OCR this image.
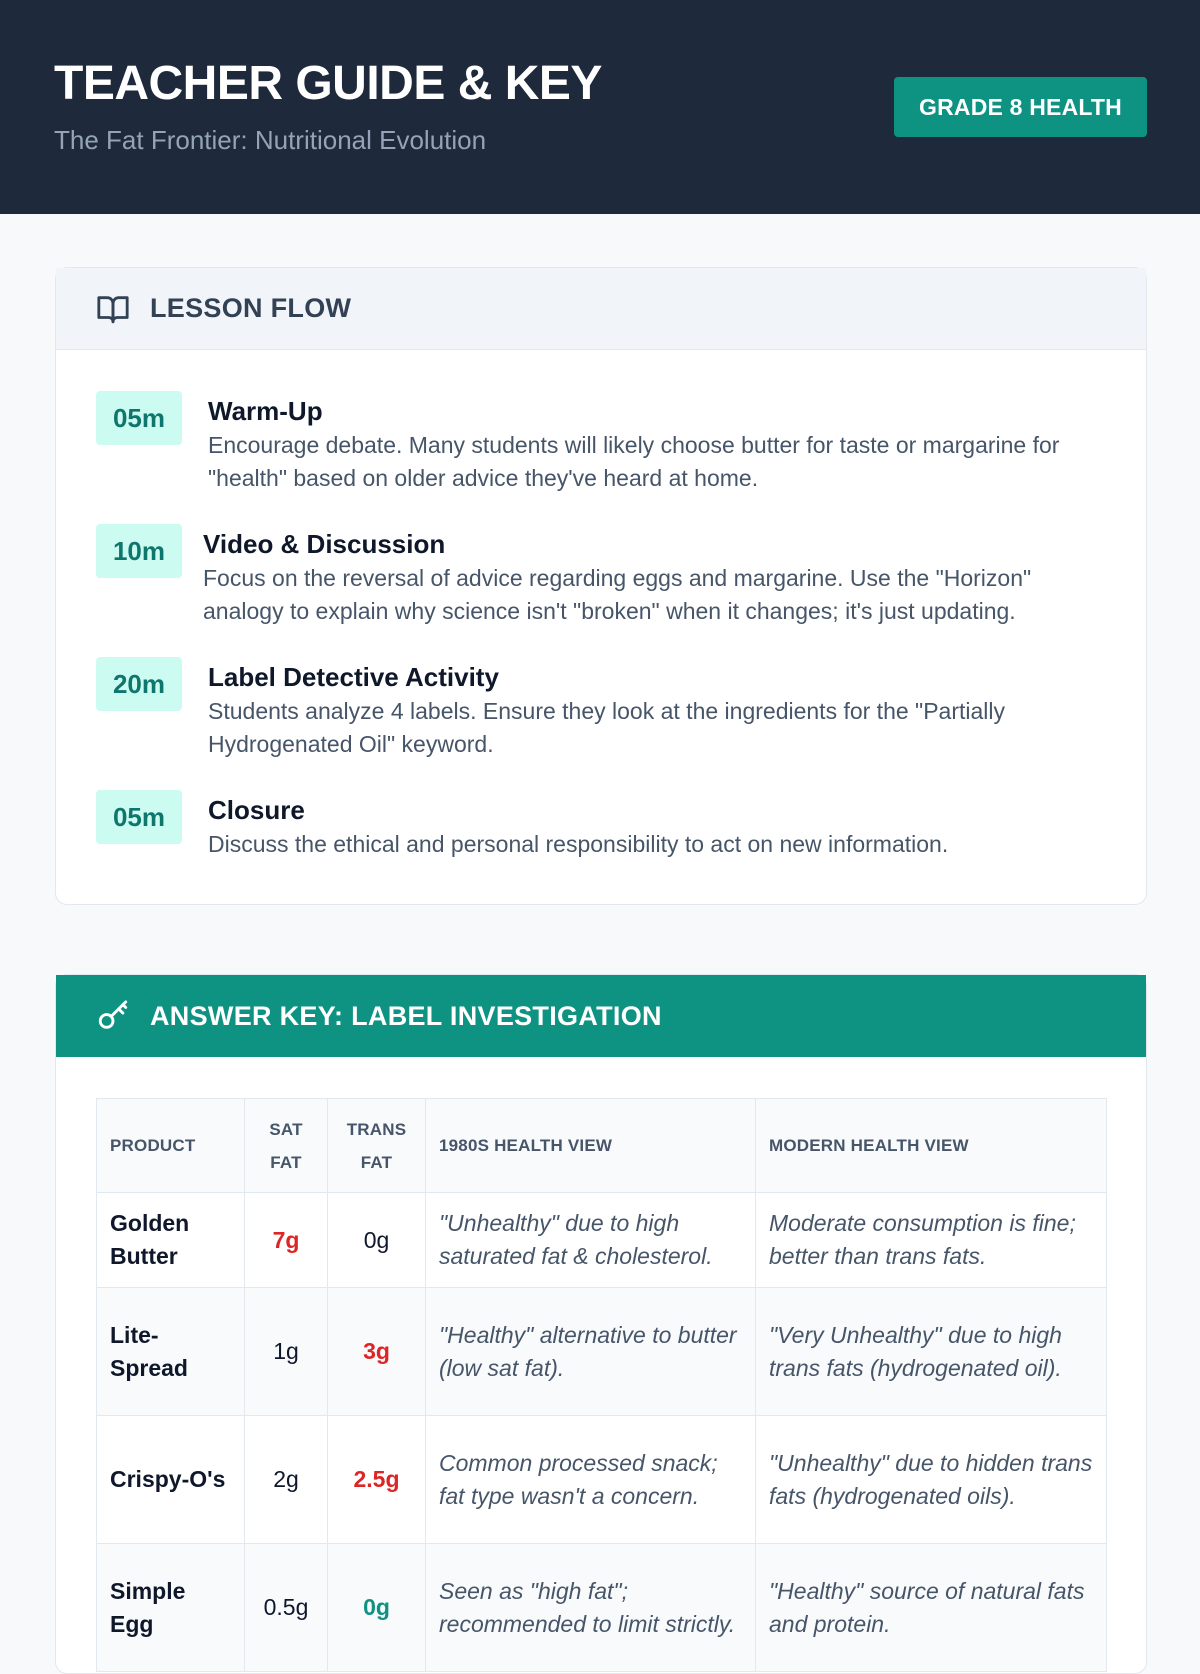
TEACHER GUIDE & KEY
The Fat Frontier: Nutritional Evolution
GRADE 8 HEALTH
LESSON FLOW
05m	Warm-Up
Encourage debate. Many students will likely choose butter for taste or margarine for "health" based on older advice they've heard at home.
10m	Video & Discussion
Focus on the reversal of advice regarding eggs and margarine. Use the "Horizon" analogy to explain why science isn't "broken" when it changes; it's just updating.
20m	Label Detective Activity
Students analyze 4 labels. Ensure they look at the ingredients for the "Partially Hydrogenated Oil" keyword.
05m	Closure
Discuss the ethical and personal responsibility to act on new information.
ANSWER KEY: LABEL INVESTIGATION
PRODUCT	SAT FAT	TRANS FAT	1980S HEALTH VIEW	MODERN HEALTH VIEW
Golden Butter	7g	0g	"Unhealthy" due to high saturated fat & cholesterol.	Moderate consumption is fine; better than trans fats.
Lite-Spread	1g	3g	"Healthy" alternative to butter (low sat fat).	"Very Unhealthy" due to high trans fats (hydrogenated oil).
Crispy-O's	2g	2.5g	Common processed snack; fat type wasn't a concern.	"Unhealthy" due to hidden trans fats (hydrogenated oils).
Simple Egg	0.5g	0g	Seen as "high fat"; recommended to limit strictly.	"Healthy" source of natural fats and protein.
